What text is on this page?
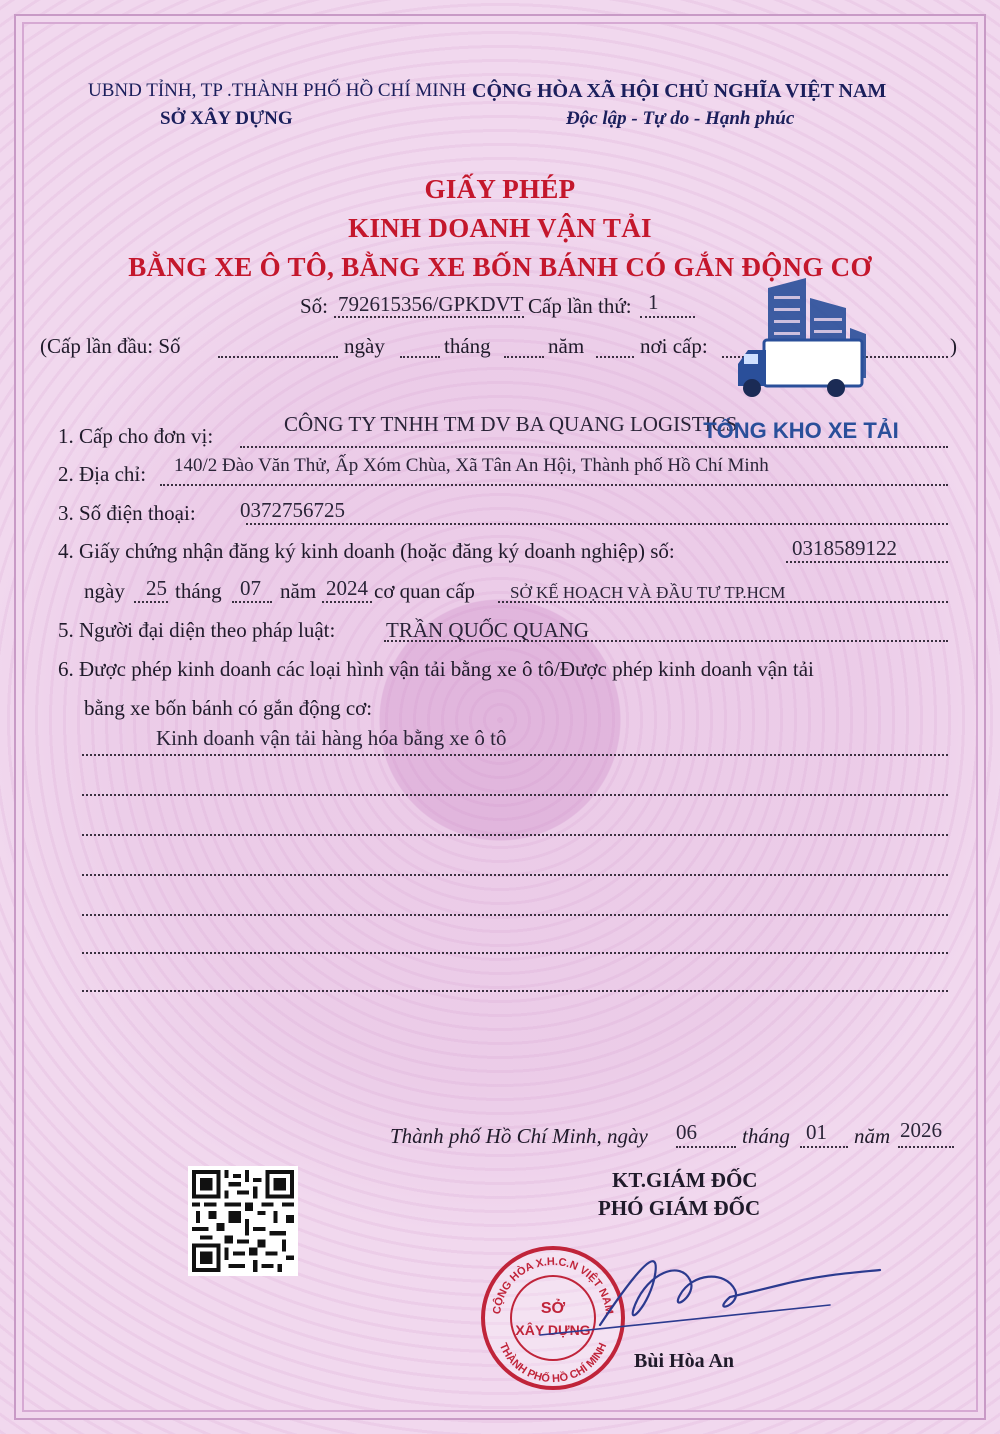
UBND TỈNH, TP .THÀNH PHỐ HỒ CHÍ MINH
SỞ XÂY DỰNG
CỘNG HÒA XÃ HỘI CHỦ NGHĨA VIỆT NAM
Độc lập - Tự do - Hạnh phúc
GIẤY PHÉP
KINH DOANH VẬN TẢI
BẰNG XE Ô TÔ, BẰNG XE BỐN BÁNH CÓ GẮN ĐỘNG CƠ
Số: 792615356/GPKDVT Cấp lần thứ: 1
(Cấp lần đầu: Số	ngày	tháng	năm	nơi cấp:	)
1. Cấp cho đơn vị:	CÔNG TY TNHH TM DV BA QUANG LOGISTICS
2. Địa chỉ: 140/2 Đào Văn Thử, Ấp Xóm Chùa, Xã Tân An Hội, Thành phố Hồ Chí Minh
3. Số điện thoại: 0372756725
4. Giấy chứng nhận đăng ký kinh doanh (hoặc đăng ký doanh nghiệp) số:	0318589122
ngày 25 tháng 07 năm 2024 cơ quan cấp SỞ KẾ HOẠCH VÀ ĐẦU TƯ TP.HCM
5. Người đại diện theo pháp luật: TRẦN QUỐC QUANG
6. Được phép kinh doanh các loại hình vận tải bằng xe ô tô/Được phép kinh doanh vận tải
bằng xe bốn bánh có gắn động cơ:
Kinh doanh vận tải hàng hóa bằng xe ô tô
Thành phố Hồ Chí Minh, ngày 06 tháng 01 năm 2026
KT.GIÁM ĐỐC
PHÓ GIÁM ĐỐC
Bùi Hòa An
CỘNG HÒA X.H.C.N VIỆT NAM
THÀNH PHỐ HỒ CHÍ MINH
SỞ
XÂY DỰNG
TỔNG KHO XE TẢI
